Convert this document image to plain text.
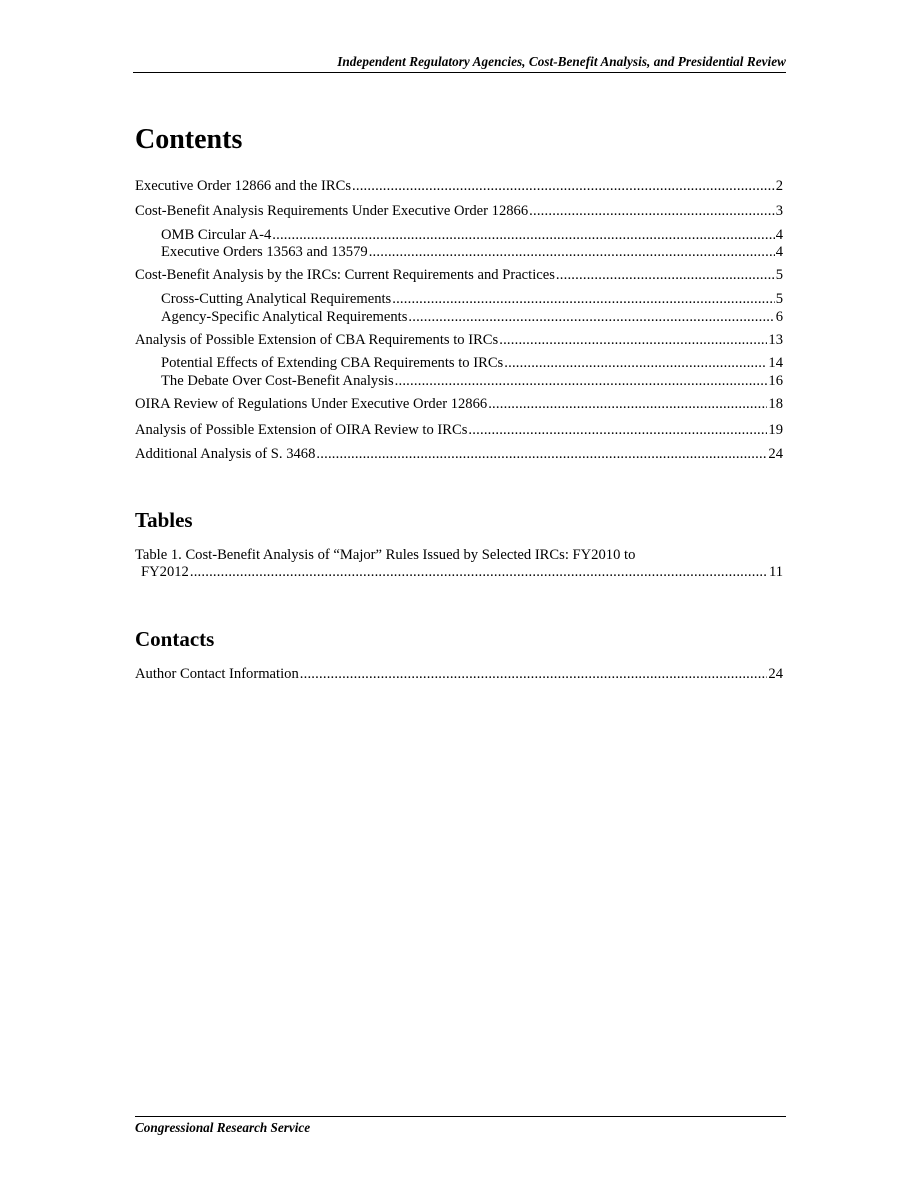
Independent Regulatory Agencies, Cost-Benefit Analysis, and Presidential Review
Contents
Executive Order 12866 and the IRCs .....	2
Cost-Benefit Analysis Requirements Under Executive Order 12866 .....	3
OMB Circular A-4 .....	4
Executive Orders 13563 and 13579 .....	4
Cost-Benefit Analysis by the IRCs: Current Requirements and Practices .....	5
Cross-Cutting Analytical Requirements .....	5
Agency-Specific Analytical Requirements .....	6
Analysis of Possible Extension of CBA Requirements to IRCs .....	13
Potential Effects of Extending CBA Requirements to IRCs .....	14
The Debate Over Cost-Benefit Analysis .....	16
OIRA Review of Regulations Under Executive Order 12866 .....	18
Analysis of Possible Extension of OIRA Review to IRCs .....	19
Additional Analysis of S. 3468 .....	24
Tables
Table 1. Cost-Benefit Analysis of “Major” Rules Issued by Selected IRCs: FY2010 to
FY2012 .....	11
Contacts
Author Contact Information .....	24
Congressional Research Service
